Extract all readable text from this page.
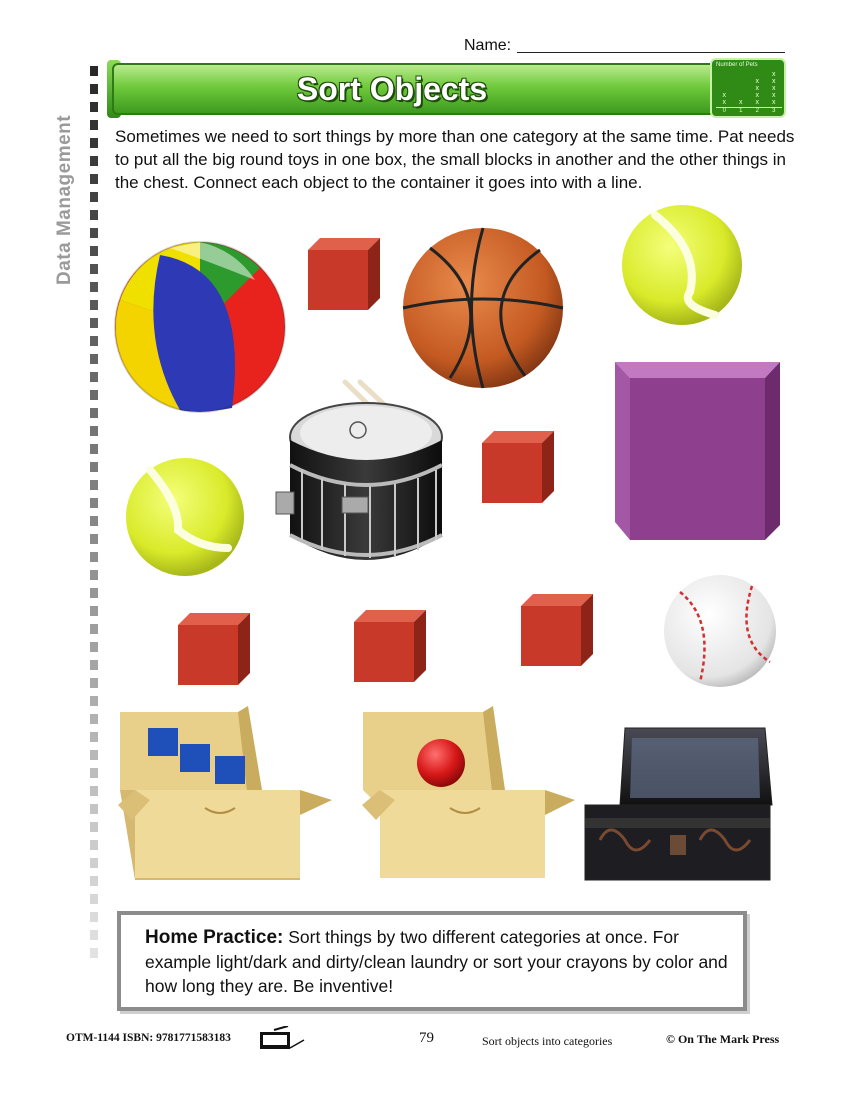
Name:
Data Management
Sort Objects
Number of Pets
x
x x
x
x
x
x
x
x
x
x
x
0 1 2 3
Sometimes we need to sort things by more than one category at the same time. Pat needs to put all the big round toys in one box, the small blocks in another and the other things in the chest. Connect each object to the container it goes into with a line.
Home Practice: Sort things by two different categories at once. For example light/dark and dirty/clean laundry or sort your crayons by color and how long they are. Be inventive!
OTM-1144 ISBN: 9781771583183	79	Sort objects into categories	© On The Mark Press
